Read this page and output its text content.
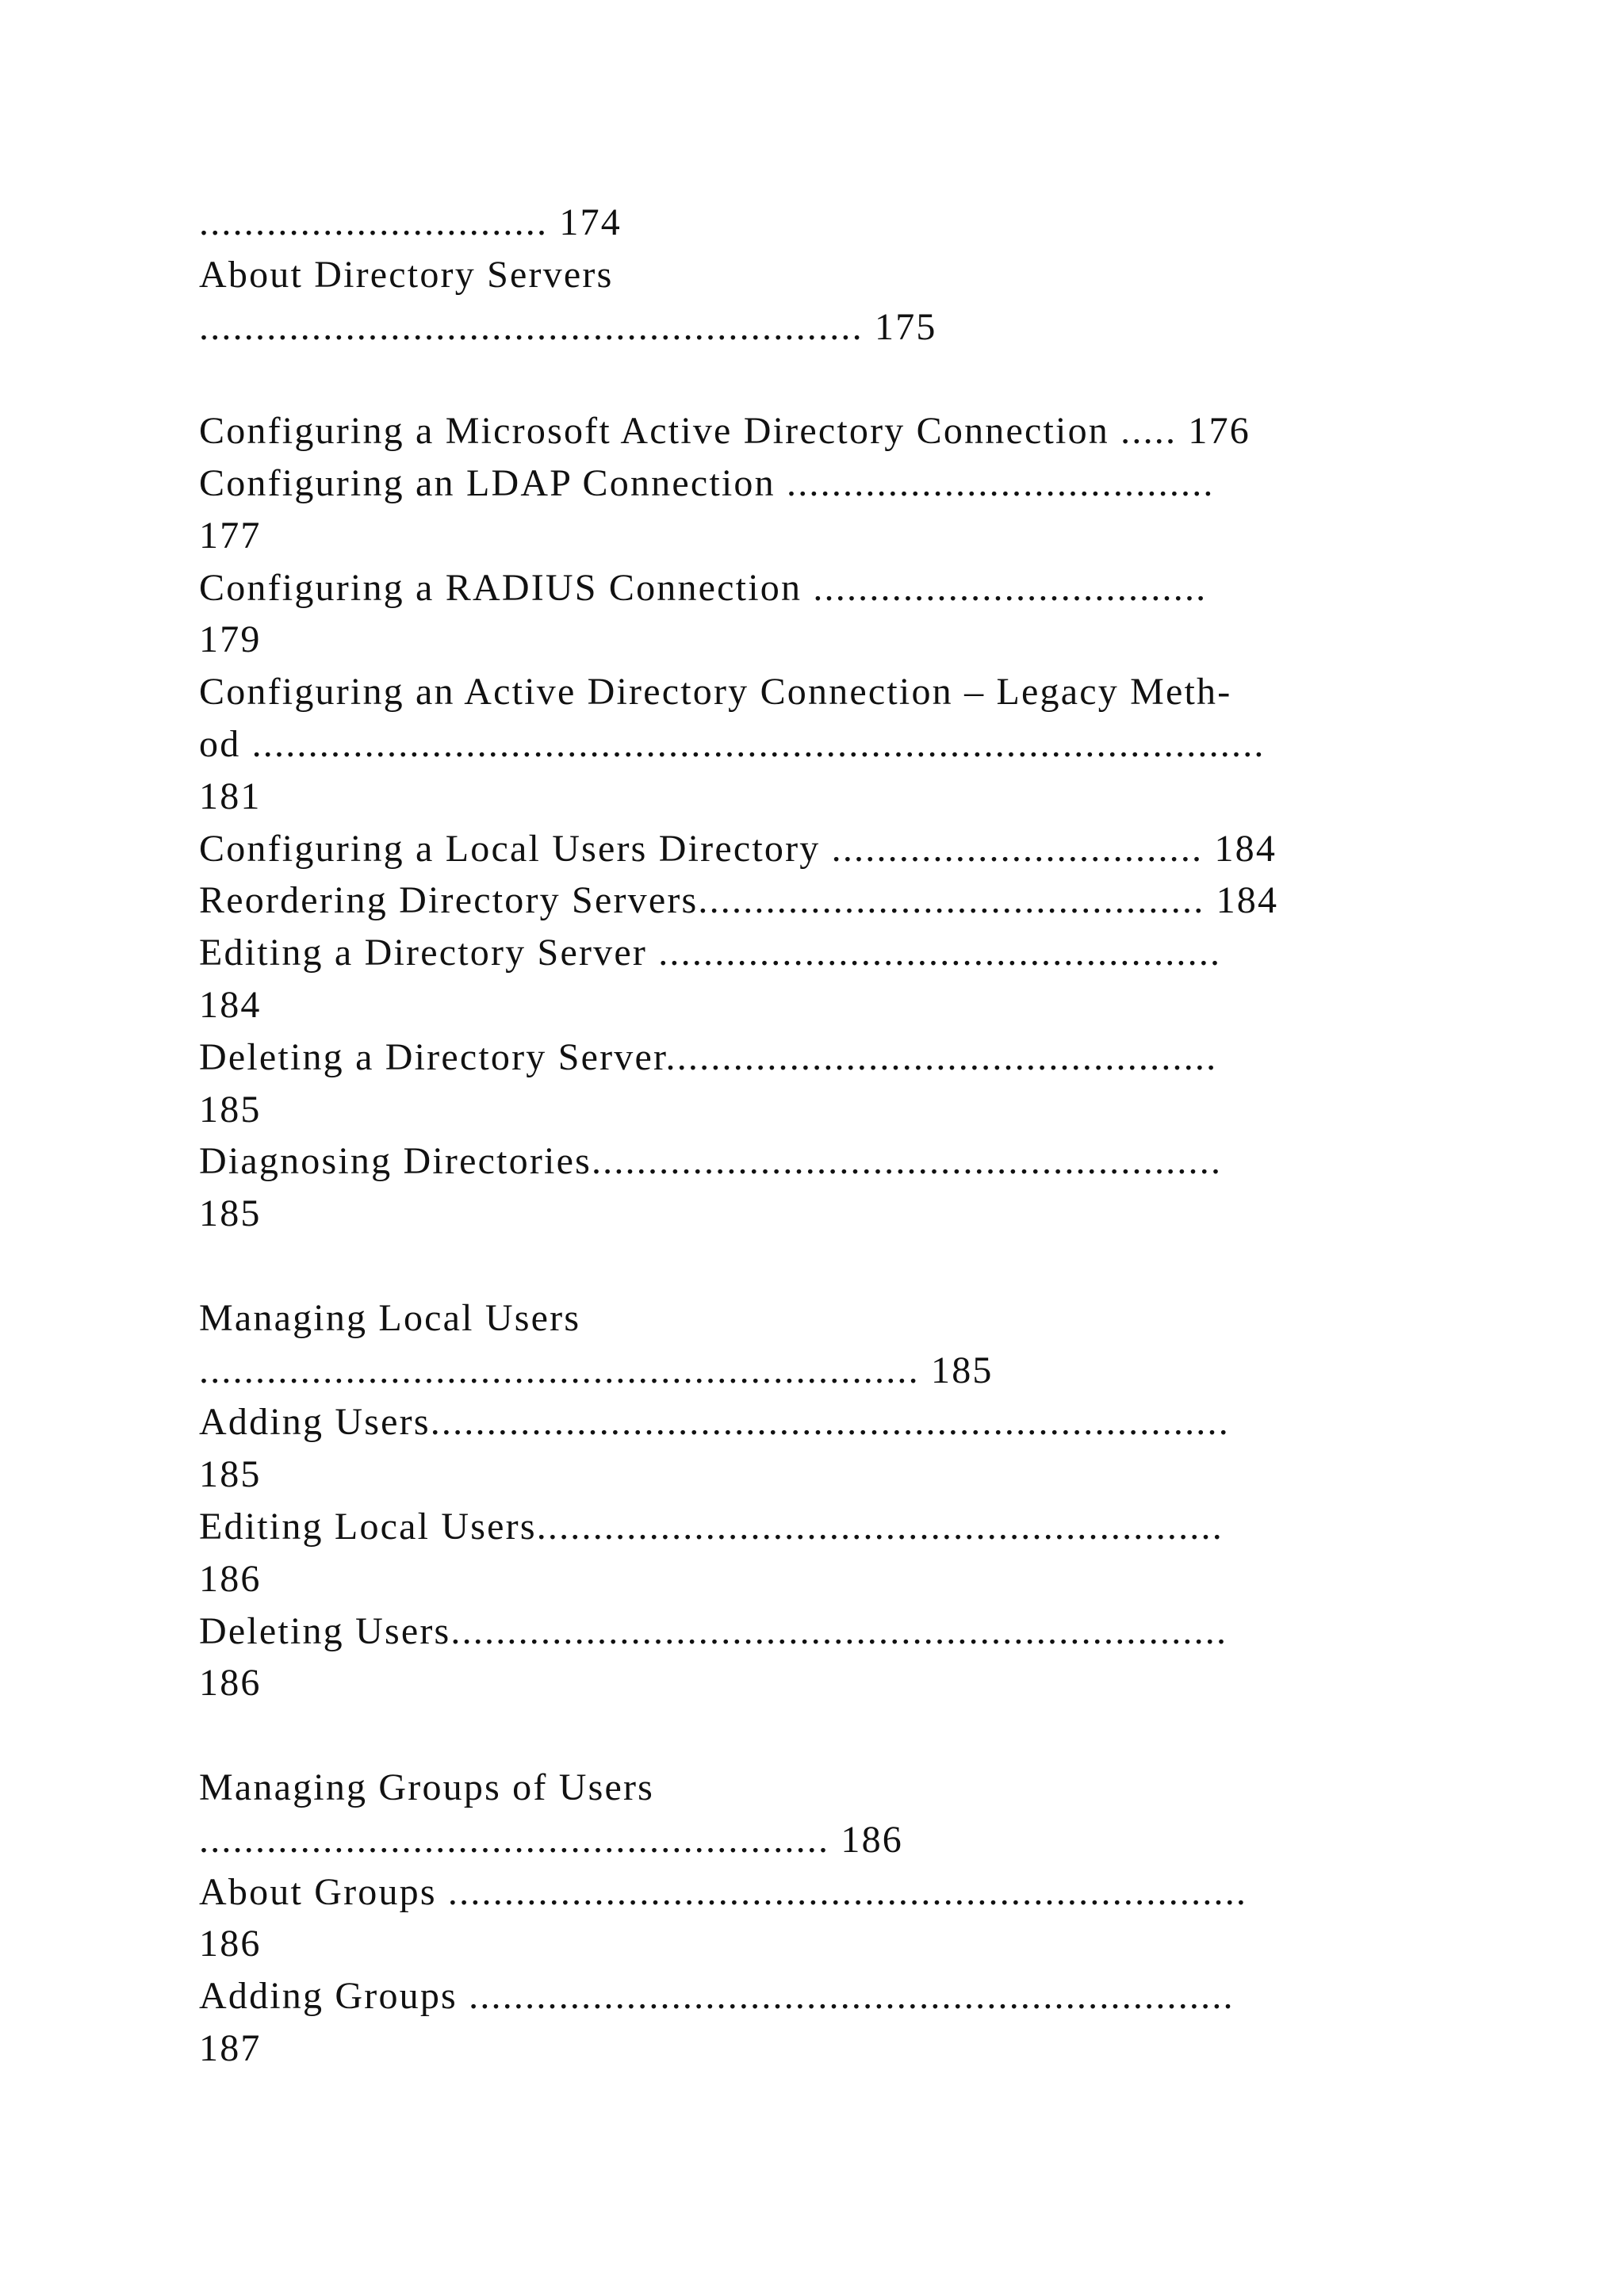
............................... 174
About Directory Servers
........................................................... 175
Configuring a Microsoft Active Directory Connection ..... 176
Configuring an LDAP Connection ......................................
177
Configuring a RADIUS Connection ...................................
179
Configuring an Active Directory Connection – Legacy Meth-
od ..........................................................................................
181
Configuring a Local Users Directory ................................. 184
Reordering Directory Servers............................................. 184
Editing a Directory Server ..................................................
184
Deleting a Directory Server.................................................
185
Diagnosing Directories........................................................
185
Managing Local Users
................................................................ 185
Adding Users.......................................................................
185
Editing Local Users.............................................................
186
Deleting Users.....................................................................
186
Managing Groups of Users
........................................................ 186
About Groups .......................................................................
186
Adding Groups ....................................................................
187
